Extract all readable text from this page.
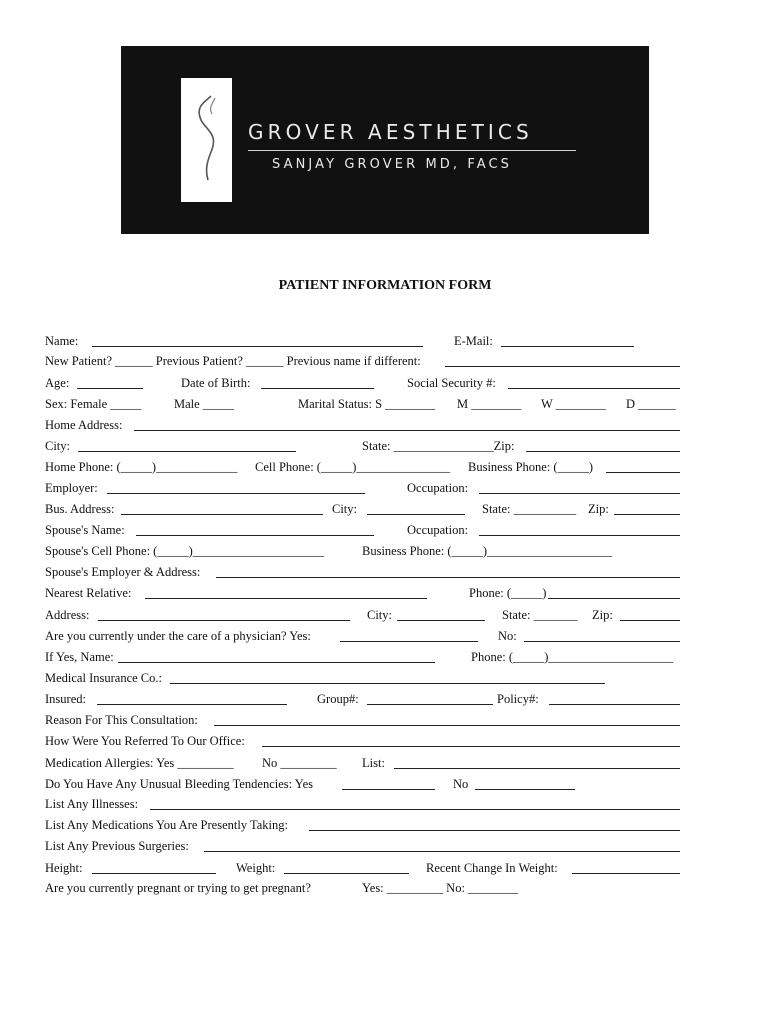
GROVER AESTHETICS
SANJAY GROVER MD, FACS
PATIENT INFORMATION FORM
Name:	E-Mail:
New Patient? ______ Previous Patient? ______ Previous name if different:
Age:	Date of Birth:	Social Security #:
Sex: Female _____	Male _____	Marital Status: S ________ M ________ W ________ D ______
Home Address:
City:	State: ________________Zip:
Home Phone: (_____)_____________ Cell Phone: (_____)_______________ Business Phone: (_____)
Employer:	Occupation:
Bus. Address:	City:	State: __________ Zip:
Spouse's Name:	Occupation:
Spouse's Cell Phone: (_____)_____________________	Business Phone: (_____)____________________
Spouse's Employer & Address:
Nearest Relative:	Phone: (_____)
Address:	City:	State: _______ Zip:
Are you currently under the care of a physician? Yes:	No:
If Yes, Name:	Phone: (_____)____________________
Medical Insurance Co.:
Insured:	Group#:	Policy#:
Reason For This Consultation:
How Were You Referred To Our Office:
Medication Allergies: Yes _________ No _________ List:
Do You Have Any Unusual Bleeding Tendencies: Yes	No
List Any Illnesses:
List Any Medications You Are Presently Taking:
List Any Previous Surgeries:
Height:	Weight:	Recent Change In Weight:
Are you currently pregnant or trying to get pregnant?	Yes: _________ No: ________
